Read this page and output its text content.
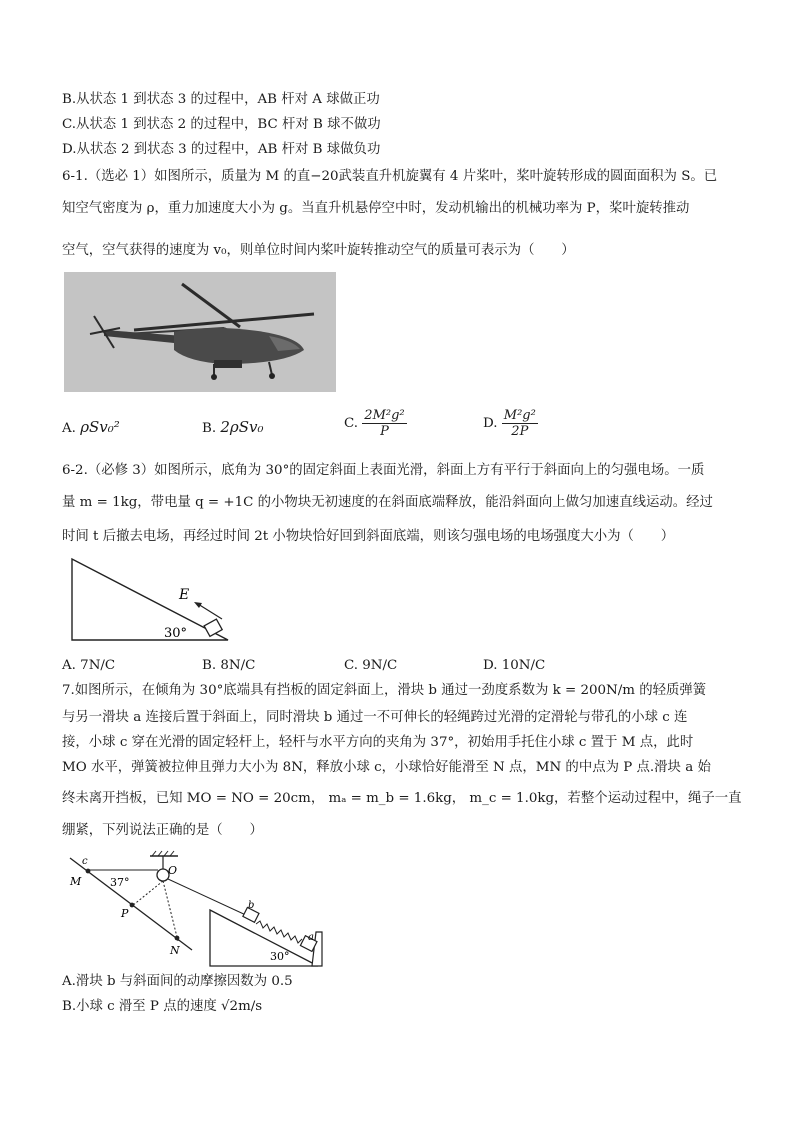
B.从状态 1 到状态 3 的过程中，AB 杆对 A 球做正功
C.从状态 1 到状态 2 的过程中，BC 杆对 B 球不做功
D.从状态 2 到状态 3 的过程中，AB 杆对 B 球做负功
6-1.（选必 1）如图所示，质量为 M 的直−20武装直升机旋翼有 4 片桨叶，桨叶旋转形成的圆面面积为 S。已
知空气密度为 ρ，重力加速度大小为 g。当直升机悬停空中时，发动机输出的机械功率为 P，桨叶旋转推动
空气，空气获得的速度为 v₀，则单位时间内桨叶旋转推动空气的质量可表示为（　　）
A. ρSv₀²	B. 2ρSv₀	C. $\frac{\text{2M²g²}}{P}$	D. $\frac{\text{M²g²}}{2P}$
6-2.（必修 3）如图所示，底角为 30°的固定斜面上表面光滑，斜面上方有平行于斜面向上的匀强电场。一质
量 m = 1kg，带电量 q = +1C 的小物块无初速度的在斜面底端释放，能沿斜面向上做匀加速直线运动。经过
时间 t 后撤去电场，再经过时间 2t 小物块恰好回到斜面底端，则该匀强电场的电场强度大小为（　　）
E
30°
A. 7N/C	B. 8N/C	C. 9N/C	D. 10N/C
7.如图所示，在倾角为 30°底端具有挡板的固定斜面上，滑块 b 通过一劲度系数为 k = 200N/m 的轻质弹簧
与另一滑块 a 连接后置于斜面上，同时滑块 b 通过一不可伸长的轻绳跨过光滑的定滑轮与带孔的小球 c 连
接，小球 c 穿在光滑的固定轻杆上，轻杆与水平方向的夹角为 37°，初始用手托住小球 c 置于 M 点，此时
MO 水平，弹簧被拉伸且弹力大小为 8N，释放小球 c，小球恰好能滑至 N 点，MN 的中点为 P 点.滑块 a 始
终未离开挡板，已知 MO = NO = 20cm， mₐ = m_b = 1.6kg， m_c = 1.0kg，若整个运动过程中，绳子一直
绷紧，下列说法正确的是（　　）
c
M	37°
O
P
N
b
a
30°
A.滑块 b 与斜面间的动摩擦因数为 0.5
B.小球 c 滑至 P 点的速度 √2m/s
